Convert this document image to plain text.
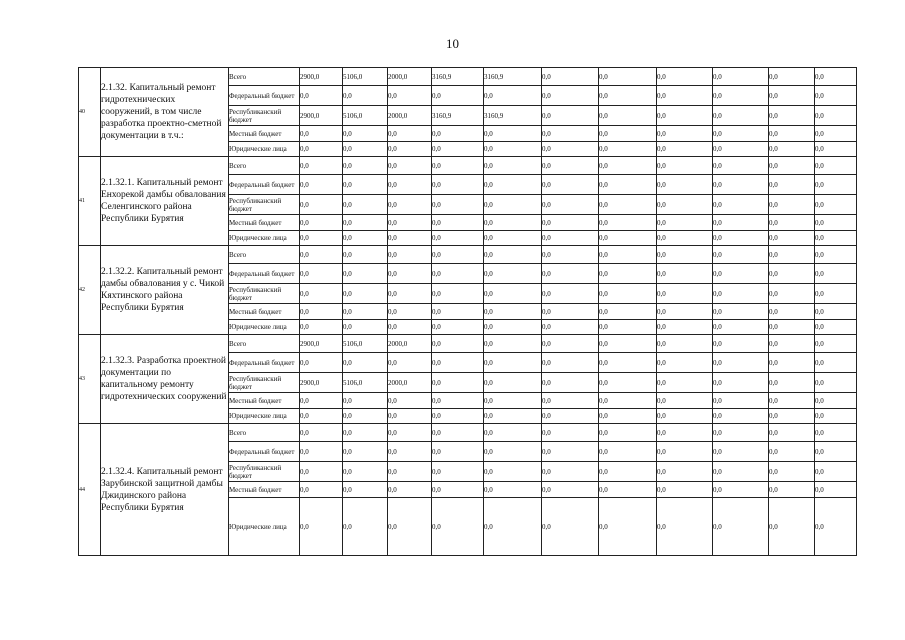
10
40	2.1.32. Капитальный ремонт гидротехнических сооружений, в том числе разработка проектно-сметной документации в т.ч.:	Всего	2900,0	5106,0	2000,0	3160,9	3160,9	0,0	0,0	0,0	0,0	0,0	0,0
		Федеральный бюджет	0,0	0,0	0,0	0,0	0,0	0,0	0,0	0,0	0,0	0,0	0,0
		Республиканский бюджет	2900,0	5106,0	2000,0	3160,9	3160,9	0,0	0,0	0,0	0,0	0,0	0,0
		Местный бюджет	0,0	0,0	0,0	0,0	0,0	0,0	0,0	0,0	0,0	0,0	0,0
		Юридические лица	0,0	0,0	0,0	0,0	0,0	0,0	0,0	0,0	0,0	0,0	0,0
41	2.1.32.1. Капитальный ремонт Енхорекой дамбы обвалования Селенгинского района Республики Бурятия	Всего	0,0	0,0	0,0	0,0	0,0	0,0	0,0	0,0	0,0	0,0	0,0
		Федеральный бюджет	0,0	0,0	0,0	0,0	0,0	0,0	0,0	0,0	0,0	0,0	0,0
		Республиканский бюджет	0,0	0,0	0,0	0,0	0,0	0,0	0,0	0,0	0,0	0,0	0,0
		Местный бюджет	0,0	0,0	0,0	0,0	0,0	0,0	0,0	0,0	0,0	0,0	0,0
		Юридические лица	0,0	0,0	0,0	0,0	0,0	0,0	0,0	0,0	0,0	0,0	0,0
42	2.1.32.2. Капитальный ремонт дамбы обвалования у с. Чикой Кяхтинского района Республики Бурятия	Всего	0,0	0,0	0,0	0,0	0,0	0,0	0,0	0,0	0,0	0,0	0,0
		Федеральный бюджет	0,0	0,0	0,0	0,0	0,0	0,0	0,0	0,0	0,0	0,0	0,0
		Республиканский бюджет	0,0	0,0	0,0	0,0	0,0	0,0	0,0	0,0	0,0	0,0	0,0
		Местный бюджет	0,0	0,0	0,0	0,0	0,0	0,0	0,0	0,0	0,0	0,0	0,0
		Юридические лица	0,0	0,0	0,0	0,0	0,0	0,0	0,0	0,0	0,0	0,0	0,0
43	2.1.32.3. Разработка проектной документации по капитальному ремонту гидротехнических сооружений	Всего	2900,0	5106,0	2000,0	0,0	0,0	0,0	0,0	0,0	0,0	0,0	0,0
		Федеральный бюджет	0,0	0,0	0,0	0,0	0,0	0,0	0,0	0,0	0,0	0,0	0,0
		Республиканский бюджет	2900,0	5106,0	2000,0	0,0	0,0	0,0	0,0	0,0	0,0	0,0	0,0
		Местный бюджет	0,0	0,0	0,0	0,0	0,0	0,0	0,0	0,0	0,0	0,0	0,0
		Юридические лица	0,0	0,0	0,0	0,0	0,0	0,0	0,0	0,0	0,0	0,0	0,0
44	2.1.32.4. Капитальный ремонт Зарубинской защитной дамбы Джидинского района Республики Бурятия	Всего	0,0	0,0	0,0	0,0	0,0	0,0	0,0	0,0	0,0	0,0	0,0
		Федеральный бюджет	0,0	0,0	0,0	0,0	0,0	0,0	0,0	0,0	0,0	0,0	0,0
		Республиканский бюджет	0,0	0,0	0,0	0,0	0,0	0,0	0,0	0,0	0,0	0,0	0,0
		Местный бюджет	0,0	0,0	0,0	0,0	0,0	0,0	0,0	0,0	0,0	0,0	0,0
		Юридические лица	0,0	0,0	0,0	0,0	0,0	0,0	0,0	0,0	0,0	0,0	0,0
